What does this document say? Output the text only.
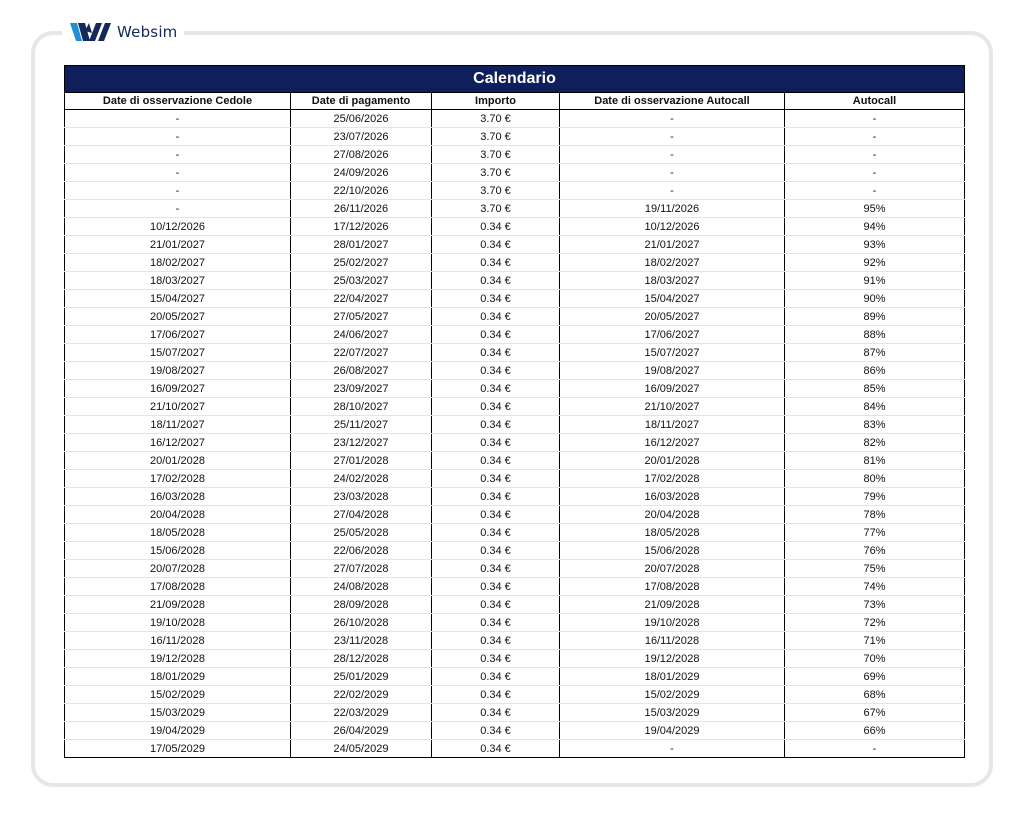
Websim
Calendario				
Date di osservazione Cedole	Date di pagamento	Importo	Date di osservazione Autocall	Autocall
-	25/06/2026	3.70 €	-	-
-	23/07/2026	3.70 €	-	-
-	27/08/2026	3.70 €	-	-
-	24/09/2026	3.70 €	-	-
-	22/10/2026	3.70 €	-	-
-	26/11/2026	3.70 €	19/11/2026	95%
10/12/2026	17/12/2026	0.34 €	10/12/2026	94%
21/01/2027	28/01/2027	0.34 €	21/01/2027	93%
18/02/2027	25/02/2027	0.34 €	18/02/2027	92%
18/03/2027	25/03/2027	0.34 €	18/03/2027	91%
15/04/2027	22/04/2027	0.34 €	15/04/2027	90%
20/05/2027	27/05/2027	0.34 €	20/05/2027	89%
17/06/2027	24/06/2027	0.34 €	17/06/2027	88%
15/07/2027	22/07/2027	0.34 €	15/07/2027	87%
19/08/2027	26/08/2027	0.34 €	19/08/2027	86%
16/09/2027	23/09/2027	0.34 €	16/09/2027	85%
21/10/2027	28/10/2027	0.34 €	21/10/2027	84%
18/11/2027	25/11/2027	0.34 €	18/11/2027	83%
16/12/2027	23/12/2027	0.34 €	16/12/2027	82%
20/01/2028	27/01/2028	0.34 €	20/01/2028	81%
17/02/2028	24/02/2028	0.34 €	17/02/2028	80%
16/03/2028	23/03/2028	0.34 €	16/03/2028	79%
20/04/2028	27/04/2028	0.34 €	20/04/2028	78%
18/05/2028	25/05/2028	0.34 €	18/05/2028	77%
15/06/2028	22/06/2028	0.34 €	15/06/2028	76%
20/07/2028	27/07/2028	0.34 €	20/07/2028	75%
17/08/2028	24/08/2028	0.34 €	17/08/2028	74%
21/09/2028	28/09/2028	0.34 €	21/09/2028	73%
19/10/2028	26/10/2028	0.34 €	19/10/2028	72%
16/11/2028	23/11/2028	0.34 €	16/11/2028	71%
19/12/2028	28/12/2028	0.34 €	19/12/2028	70%
18/01/2029	25/01/2029	0.34 €	18/01/2029	69%
15/02/2029	22/02/2029	0.34 €	15/02/2029	68%
15/03/2029	22/03/2029	0.34 €	15/03/2029	67%
19/04/2029	26/04/2029	0.34 €	19/04/2029	66%
17/05/2029	24/05/2029	0.34 €	-	-
